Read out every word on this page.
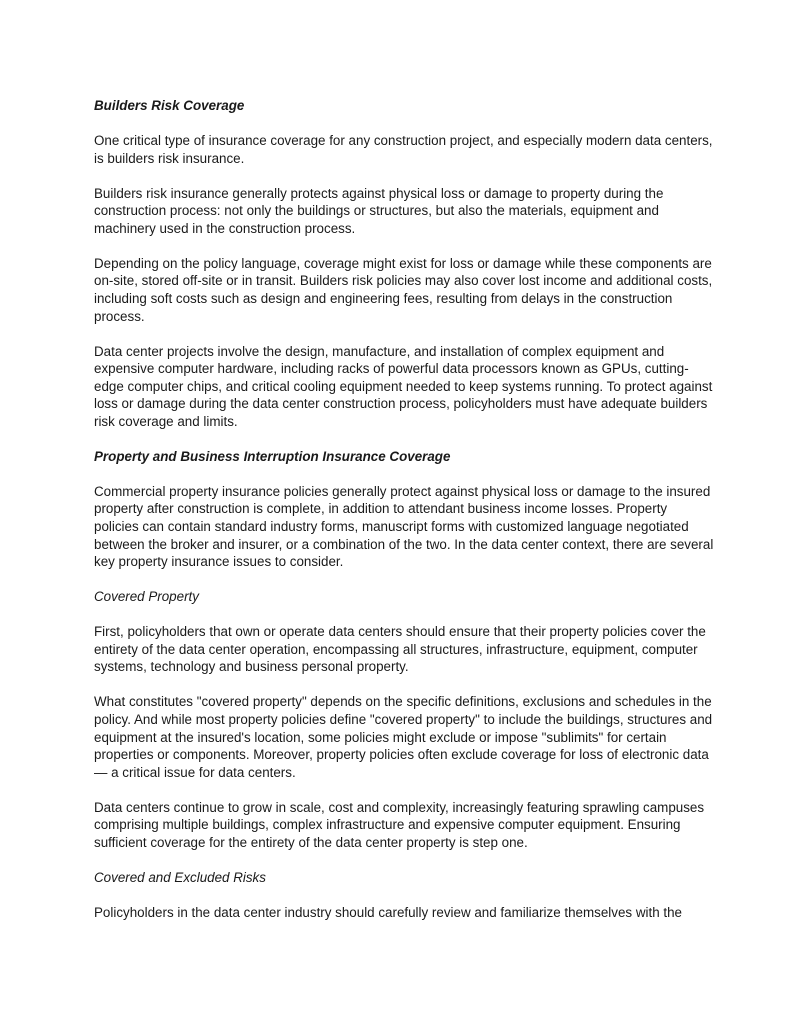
Builders Risk Coverage

One critical type of insurance coverage for any construction project, and especially modern data centers, is builders risk insurance.

Builders risk insurance generally protects against physical loss or damage to property during the construction process: not only the buildings or structures, but also the materials, equipment and machinery used in the construction process.

Depending on the policy language, coverage might exist for loss or damage while these components are on-site, stored off-site or in transit. Builders risk policies may also cover lost income and additional costs, including soft costs such as design and engineering fees, resulting from delays in the construction process.

Data center projects involve the design, manufacture, and installation of complex equipment and expensive computer hardware, including racks of powerful data processors known as GPUs, cutting-edge computer chips, and critical cooling equipment needed to keep systems running. To protect against loss or damage during the data center construction process, policyholders must have adequate builders risk coverage and limits.

Property and Business Interruption Insurance Coverage

Commercial property insurance policies generally protect against physical loss or damage to the insured property after construction is complete, in addition to attendant business income losses. Property policies can contain standard industry forms, manuscript forms with customized language negotiated between the broker and insurer, or a combination of the two. In the data center context, there are several key property insurance issues to consider.

Covered Property

First, policyholders that own or operate data centers should ensure that their property policies cover the entirety of the data center operation, encompassing all structures, infrastructure, equipment, computer systems, technology and business personal property.

What constitutes "covered property" depends on the specific definitions, exclusions and schedules in the policy. And while most property policies define "covered property" to include the buildings, structures and equipment at the insured's location, some policies might exclude or impose "sublimits" for certain properties or components. Moreover, property policies often exclude coverage for loss of electronic data — a critical issue for data centers.

Data centers continue to grow in scale, cost and complexity, increasingly featuring sprawling campuses comprising multiple buildings, complex infrastructure and expensive computer equipment. Ensuring sufficient coverage for the entirety of the data center property is step one.

Covered and Excluded Risks

Policyholders in the data center industry should carefully review and familiarize themselves with the
